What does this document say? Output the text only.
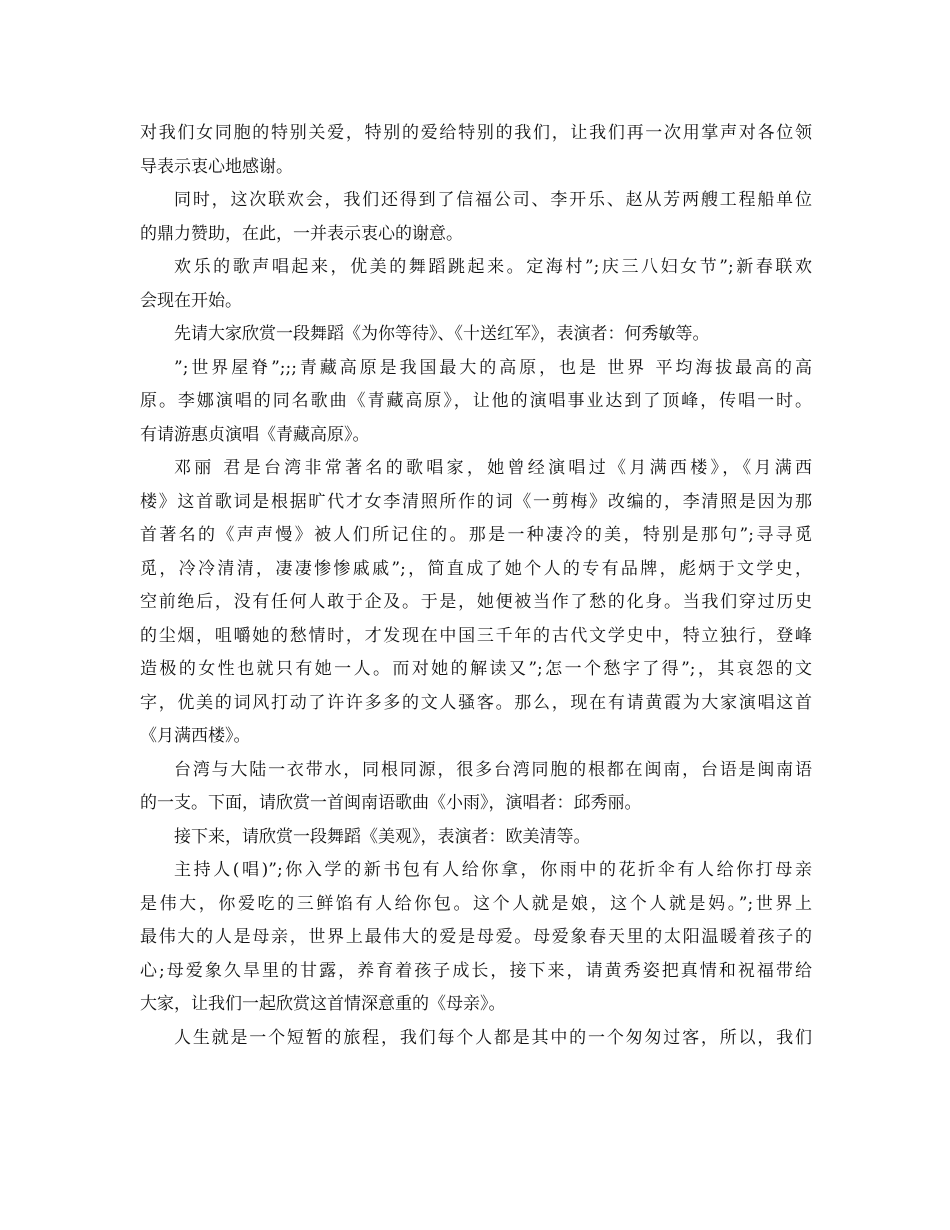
对我们女同胞的特别关爱，特别的爱给特别的我们，让我们再一次用掌声对各位领
导表示衷心地感谢。
同时，这次联欢会，我们还得到了信福公司、李开乐、赵从芳两艘工程船单位
的鼎力赞助，在此，一并表示衷心的谢意。
欢乐的歌声唱起来，优美的舞蹈跳起来。定海村”;庆三八妇女节”;新春联欢
会现在开始。
先请大家欣赏一段舞蹈《为你等待》、《十送红军》，表演者：何秀敏等。
”;世界屋脊”;;;青藏高原是我国最大的高原，也是 世界 平均海拔最高的高
原。李娜演唱的同名歌曲《青藏高原》，让他的演唱事业达到了顶峰，传唱一时。
有请游惠贞演唱《青藏高原》。
邓丽 君是台湾非常著名的歌唱家，她曾经演唱过《月满西楼》，《月满西
楼》这首歌词是根据旷代才女李清照所作的词《一剪梅》改编的，李清照是因为那
首著名的《声声慢》被人们所记住的。那是一种凄冷的美，特别是那句”;寻寻觅
觅，冷冷清清，凄凄惨惨戚戚”;，简直成了她个人的专有品牌，彪炳于文学史，
空前绝后，没有任何人敢于企及。于是，她便被当作了愁的化身。当我们穿过历史
的尘烟，咀嚼她的愁情时，才发现在中国三千年的古代文学史中，特立独行，登峰
造极的女性也就只有她一人。而对她的解读又”;怎一个愁字了得”;，其哀怨的文
字，优美的词风打动了许许多多的文人骚客。那么，现在有请黄霞为大家演唱这首
《月满西楼》。
台湾与大陆一衣带水，同根同源，很多台湾同胞的根都在闽南，台语是闽南语
的一支。下面，请欣赏一首闽南语歌曲《小雨》，演唱者：邱秀丽。
接下来，请欣赏一段舞蹈《美观》，表演者：欧美清等。
主持人(唱)”;你入学的新书包有人给你拿，你雨中的花折伞有人给你打母亲
是伟大，你爱吃的三鲜馅有人给你包。这个人就是娘，这个人就是妈。”;世界上
最伟大的人是母亲，世界上最伟大的爱是母爱。母爱象春天里的太阳温暖着孩子的
心;母爱象久旱里的甘露，养育着孩子成长，接下来，请黄秀姿把真情和祝福带给
大家，让我们一起欣赏这首情深意重的《母亲》。
人生就是一个短暂的旅程，我们每个人都是其中的一个匆匆过客，所以，我们
